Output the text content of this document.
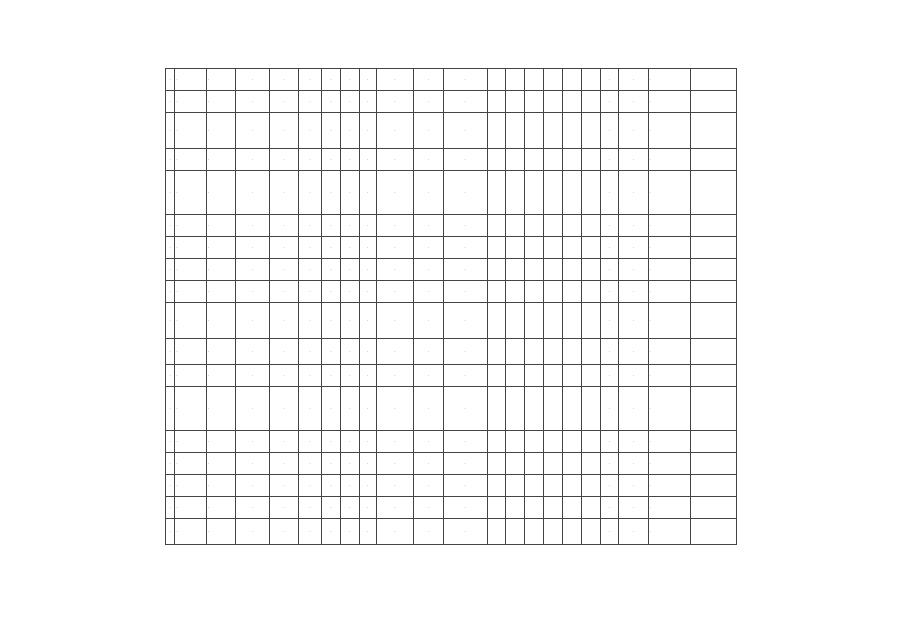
-	-	-	-	-	-	-	-	-	-	-	-							-	-	-	
-	-	-	-	-	-	-	-	-	-	-	-							-	-	-	
-	-	-	-	-	-	-	-	-	-	-	-							-	-	-	
-	-	-	-	-	-	-	-	-	-	-	-							-	-	-	
-	-	-	-	-	-	-	-	-	-	-	-							-	-	-	
-	-	-	-	-	-	-	-	-	-	-	-							-	-	-	
-	-	-	-	-	-	-	-	-	-	-	-							-	-	-	
-	-	-	-	-	-	-	-	-	-	-	-							-	-	-	
-	-	-	-	-	-	-	-	-	-	-	-							-	-	-	
-	-	-	-	-	-	-	-	-	-	-	-							-	-	-	
-	-	-	-	-	-	-	-	-	-	-	-							-	-	-	
-	-	-	-	-	-	-	-	-	-	-	-							-	-	-	
-	-	-	-	-	-	-	-	-	-	-	-							-	-	-	
-	-	-	-	-	-	-	-	-	-	-	-							-	-	-	
-	-	-	-	-	-	-	-	-	-	-	-							-	-	-	
-	-	-	-	-	-	-	-	-	-	-	-							-	-	-	
-	-	-	-	-	-	-	-	-	-	-	-							-	-	-	
-	-	-	-	-	-	-	-	-	-	-	-							-	-	-	
